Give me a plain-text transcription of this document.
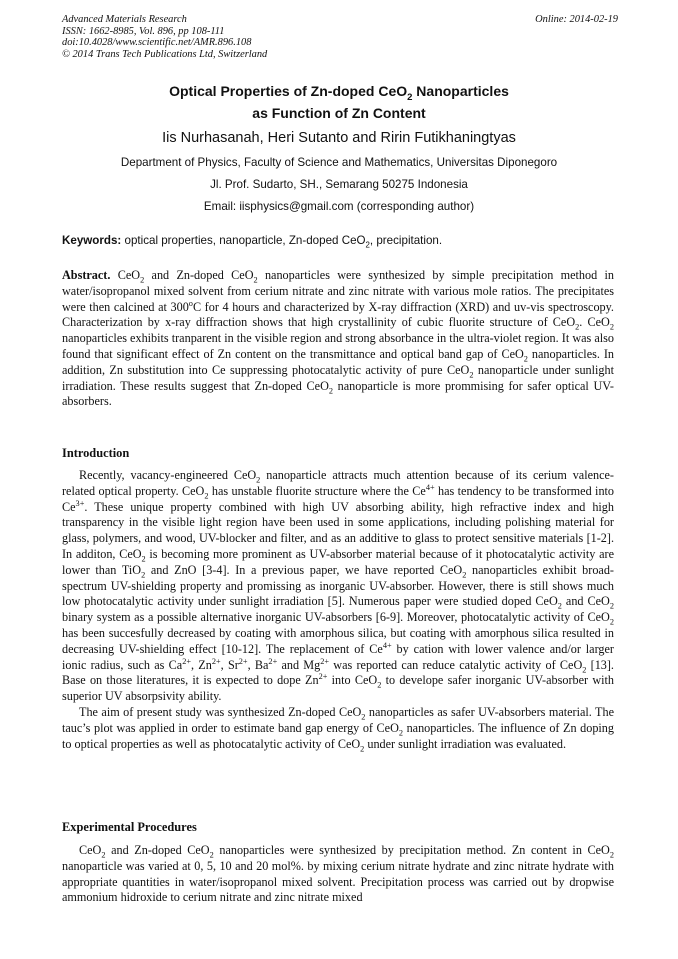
Advanced Materials Research
ISSN: 1662-8985, Vol. 896, pp 108-111
doi:10.4028/www.scientific.net/AMR.896.108
© 2014 Trans Tech Publications Ltd, Switzerland
Online: 2014-02-19
Optical Properties of Zn-doped CeO$_2$ Nanoparticles
as Function of Zn Content
Iis Nurhasanah, Heri Sutanto and Ririn Futikhaningtyas
Department of Physics, Faculty of Science and Mathematics, Universitas Diponegoro
Jl. Prof. Sudarto, SH., Semarang 50275 Indonesia
Email: iisphysics@gmail.com (corresponding author)
Keywords: optical properties, nanoparticle, Zn-doped CeO$_2$, precipitation.

Abstract. CeO$_2$ and Zn-doped CeO$_2$ nanoparticles were synthesized by simple precipitation method in water/isopropanol mixed solvent from cerium nitrate and zinc nitrate with various mole ratios. The precipitates were then calcined at 300$^o$C for 4 hours and characterized by X-ray diffraction (XRD) and uv-vis spectroscopy. Characterization by x-ray diffraction shows that high crystallinity of cubic fluorite structure of CeO$_2$. CeO$_2$ nanoparticles exhibits tranparent in the visible region and strong absorbance in the ultra-violet region. It was also found that significant effect of Zn content on the transmittance and optical band gap of CeO$_2$ nanoparticles. In addition, Zn substitution into Ce suppressing photocatalytic activity of pure CeO$_2$ nanoparticle under sunlight irradiation. These results suggest that Zn-doped CeO$_2$ nanoparticle is more prommising for safer optical UV-absorbers.

Introduction

Recently, vacancy-engineered CeO$_2$ nanoparticle attracts much attention because of its cerium valence-related optical property. CeO$_2$ has unstable fluorite structure where the $Ce^{4+}$ has tendency to be transformed into $Ce^{3+}$. These unique property combined with high UV absorbing ability, high refractive index and high transparency in the visible light region have been used in some applications, including polishing material for glass, polymers, and wood, UV-blocker and filter, and as an additive to glass to protect sensitive materials [1-2]. In additon, CeO$_2$ is becoming more prominent as UV-absorber material because of it photocatalytic activity are lower than TiO$_2$ and ZnO [3-4]. In a previous paper, we have reported CeO$_2$ nanoparticles exhibit broad-spectrum UV-shielding property and promissing as inorganic UV-absorber. However, there is still shows much low photocatalytic activity under sunlight irradiation [5]. Numerous paper were studied doped CeO$_2$ and CeO$_2$ binary system as a possible alternative inorganic UV-absorbers [6-9]. Moreover, photocatalytic activity of CeO$_2$ has been succesfully decreased by coating with amorphous silica, but coating with amorphous silica resulted in decreasing UV-shielding effect [10-12]. The replacement of $Ce^{4+}$ by cation with lower valence and/or larger ionic radius, such as $Ca^{2+}$, $Zn^{2+}$, $Sr^{2+}$, $Ba^{2+}$ and $Mg^{2+}$ was reported can reduce catalytic activity of CeO$_2$ [13]. Base on those literatures, it is expected to dope $Zn^{2+}$ into CeO$_2$ to develope safer inorganic UV-absorber with superior UV absorpsivity ability.

The aim of present study was synthesized Zn-doped CeO$_2$ nanoparticles as safer UV-absorbers material. The tauc’s plot was applied in order to estimate band gap energy of CeO$_2$ nanoparticles. The influence of Zn doping to optical properties as well as photocatalytic activity of CeO$_2$ under sunlight irradiation was evaluated.

Experimental Procedures

CeO$_2$ and Zn-doped CeO$_2$ nanoparticles were synthesized by precipitation method. Zn content in CeO$_2$ nanoparticle was varied at 0, 5, 10 and 20 mol%. by mixing cerium nitrate hydrate and zinc nitrate hydrate with appropriate quantities in water/isopropanol mixed solvent. Precipitation process was carried out by dropwise ammonium hidroxide to cerium nitrate and zinc nitrate mixed
